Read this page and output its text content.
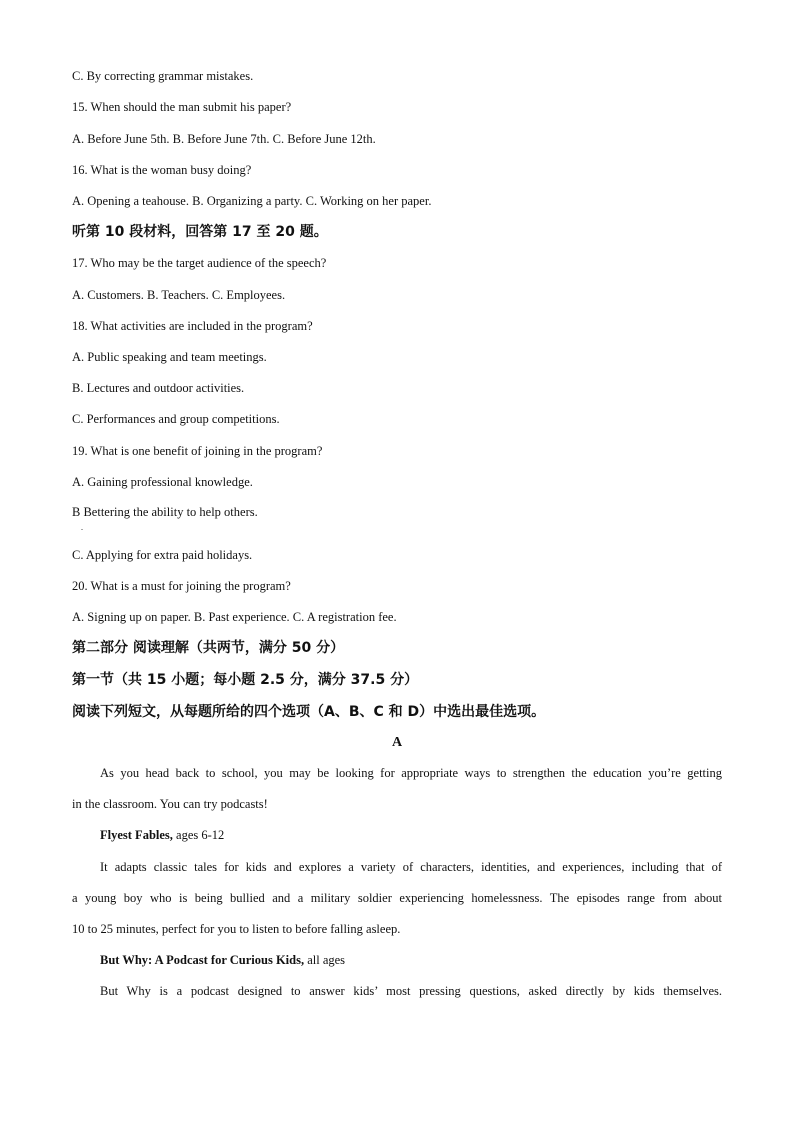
C. By correcting grammar mistakes.
15. When should the man submit his paper?
A. Before June 5th. B. Before June 7th. C. Before June 12th.
16. What is the woman busy doing?
A. Opening a teahouse. B. Organizing a party. C. Working on her paper.
听第 10 段材料，回答第 17 至 20 题。
17. Who may be the target audience of the speech?
A. Customers. B. Teachers. C. Employees.
18. What activities are included in the program?
A. Public speaking and team meetings.
B. Lectures and outdoor activities.
C. Performances and group competitions.
19. What is one benefit of joining in the program?
A. Gaining professional knowledge.
B Bettering the ability to help others.
.
C. Applying for extra paid holidays.
20. What is a must for joining the program?
A. Signing up on paper. B. Past experience. C. A registration fee.
第二部分 阅读理解（共两节，满分 50 分）
第一节（共 15 小题；每小题 2.5 分，满分 37.5 分）
阅读下列短文，从每题所给的四个选项（A、B、C 和 D）中选出最佳选项。
A
As you head back to school, you may be looking for appropriate ways to strengthen the education you’re getting
in the classroom. You can try podcasts!
Flyest Fables, ages 6-12
It adapts classic tales for kids and explores a variety of characters, identities, and experiences, including that of
a young boy who is being bullied and a military soldier experiencing homelessness. The episodes range from about
10 to 25 minutes, perfect for you to listen to before falling asleep.
But Why: A Podcast for Curious Kids, all ages
But Why is a podcast designed to answer kids’ most pressing questions, asked directly by kids themselves.
